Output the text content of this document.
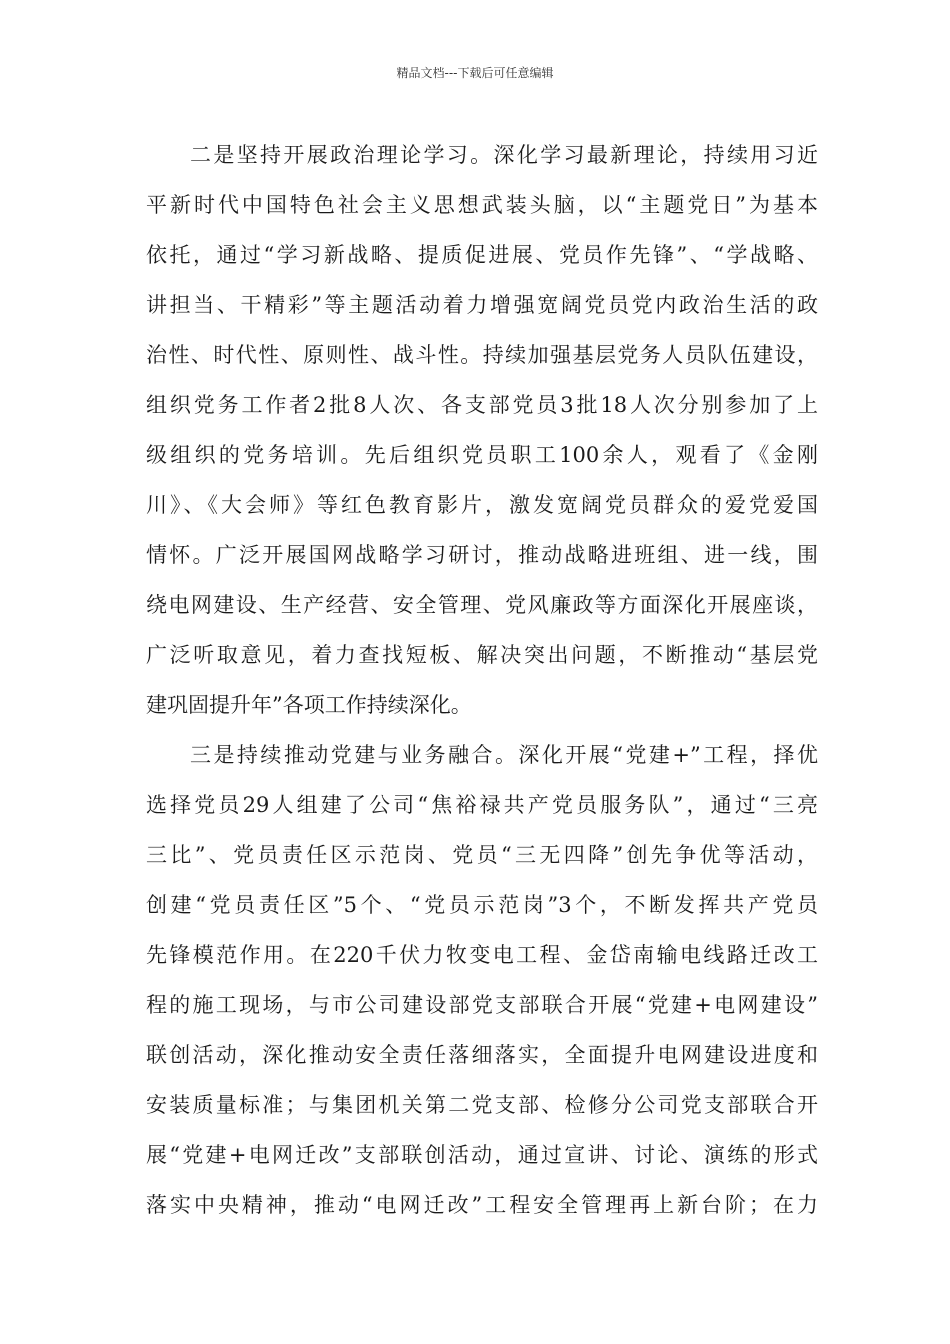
精品文档---下载后可任意编辑
二是坚持开展政治理论学习。深化学习最新理论，持续用习近
平新时代中国特色社会主义思想武装头脑，以“主题党日”为基本
依托，通过“学习新战略、提质促进展、党员作先锋”、“学战略、
讲担当、干精彩”等主题活动着力增强宽阔党员党内政治生活的政
治性、时代性、原则性、战斗性。持续加强基层党务人员队伍建设，
组织党务工作者2批8人次、各支部党员3批18人次分别参加了上
级组织的党务培训。先后组织党员职工100余人，观看了《金刚
川》、《大会师》等红色教育影片，激发宽阔党员群众的爱党爱国
情怀。广泛开展国网战略学习研讨，推动战略进班组、进一线，围
绕电网建设、生产经营、安全管理、党风廉政等方面深化开展座谈，
广泛听取意见，着力查找短板、解决突出问题，不断推动“基层党
建巩固提升年”各项工作持续深化。
三是持续推动党建与业务融合。深化开展“党建+”工程，择优
选择党员29人组建了公司“焦裕禄共产党员服务队”，通过“三亮
三比”、党员责任区示范岗、党员“三无四降”创先争优等活动，
创建“党员责任区”5个、“党员示范岗”3个，不断发挥共产党员
先锋模范作用。在220千伏力牧变电工程、金岱南输电线路迁改工
程的施工现场，与市公司建设部党支部联合开展“党建+电网建设”
联创活动，深化推动安全责任落细落实，全面提升电网建设进度和
安装质量标准；与集团机关第二党支部、检修分公司党支部联合开
展“党建+电网迁改”支部联创活动，通过宣讲、讨论、演练的形式
落实中央精神，推动“电网迁改”工程安全管理再上新台阶；在力
